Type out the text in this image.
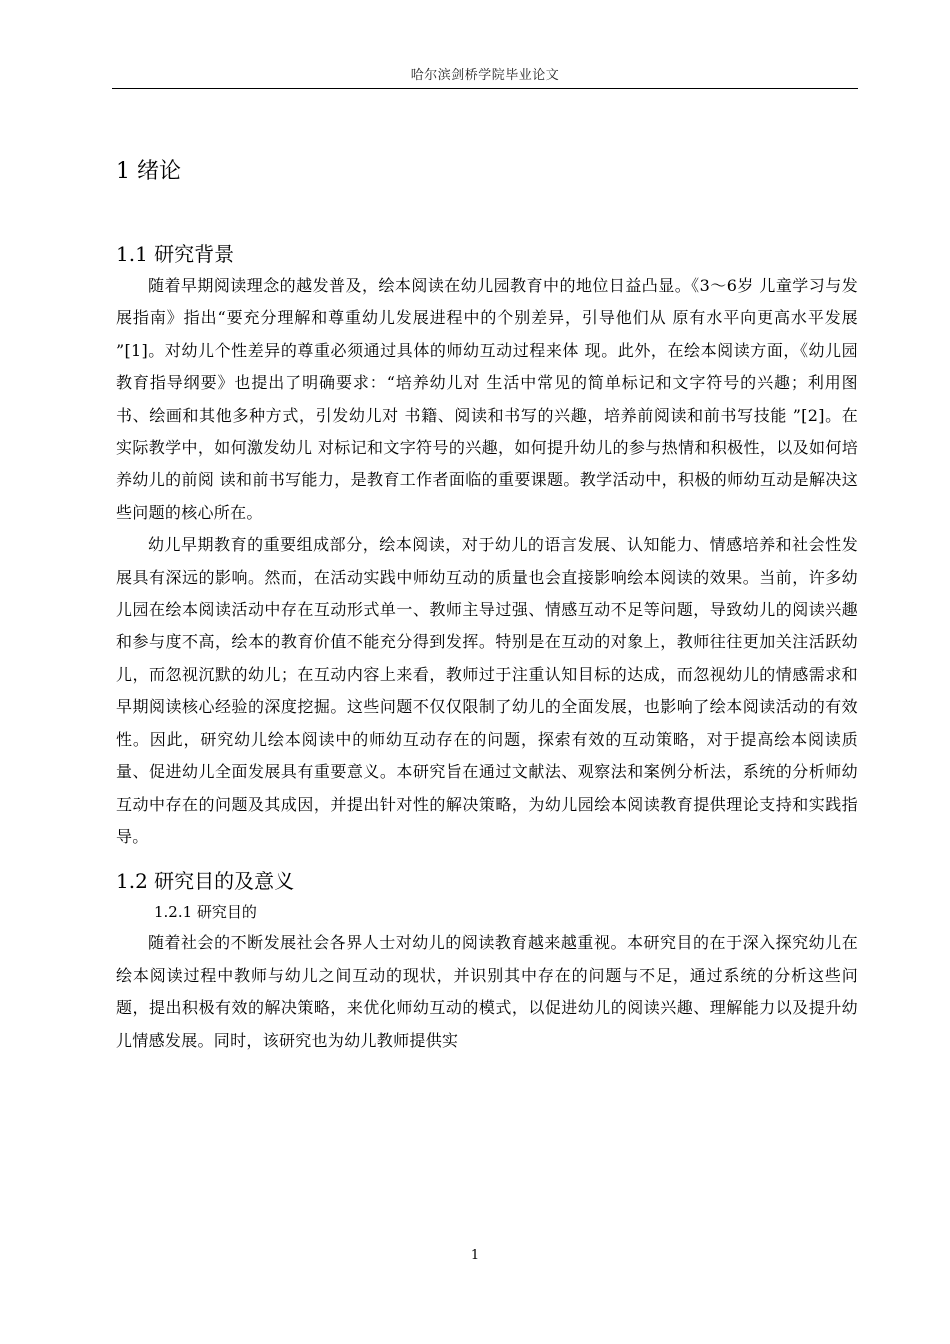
哈尔滨剑桥学院毕业论文
1 绪论
1.1 研究背景

随着早期阅读理念的越发普及，绘本阅读在幼儿园教育中的地位日益凸显。《3～6岁 儿童学习与发展指南》指出“要充分理解和尊重幼儿发展进程中的个别差异，引导他们从 原有水平向更高水平发展 ”[1]。对幼儿个性差异的尊重必须通过具体的师幼互动过程来体 现。此外，在绘本阅读方面，《幼儿园教育指导纲要》也提出了明确要求：“培养幼儿对 生活中常见的简单标记和文字符号的兴趣；利用图书、绘画和其他多种方式，引发幼儿对 书籍、阅读和书写的兴趣，培养前阅读和前书写技能 ”[2]。在实际教学中，如何激发幼儿 对标记和文字符号的兴趣，如何提升幼儿的参与热情和积极性，以及如何培养幼儿的前阅 读和前书写能力，是教育工作者面临的重要课题。教学活动中，积极的师幼互动是解决这 些问题的核心所在。

幼儿早期教育的重要组成部分，绘本阅读，对于幼儿的语言发展、认知能力、情感培养和社会性发展具有深远的影响。然而，在活动实践中师幼互动的质量也会直接影响绘本阅读的效果。当前，许多幼儿园在绘本阅读活动中存在互动形式单一、教师主导过强、情感互动不足等问题，导致幼儿的阅读兴趣和参与度不高，绘本的教育价值不能充分得到发挥。特别是在互动的对象上，教师往往更加关注活跃幼儿，而忽视沉默的幼儿；在互动内容上来看，教师过于注重认知目标的达成，而忽视幼儿的情感需求和早期阅读核心经验的深度挖掘。这些问题不仅仅限制了幼儿的全面发展，也影响了绘本阅读活动的有效性。因此，研究幼儿绘本阅读中的师幼互动存在的问题，探索有效的互动策略，对于提高绘本阅读质量、促进幼儿全面发展具有重要意义。本研究旨在通过文献法、观察法和案例分析法，系统的分析师幼互动中存在的问题及其成因，并提出针对性的解决策略，为幼儿园绘本阅读教育提供理论支持和实践指导。

1.2 研究目的及意义
1.2.1 研究目的

随着社会的不断发展社会各界人士对幼儿的阅读教育越来越重视。本研究目的在于深入探究幼儿在绘本阅读过程中教师与幼儿之间互动的现状，并识别其中存在的问题与不足，通过系统的分析这些问题，提出积极有效的解决策略，来优化师幼互动的模式，以促进幼儿的阅读兴趣、理解能力以及提升幼儿情感发展。同时，该研究也为幼儿教师提供实

1
